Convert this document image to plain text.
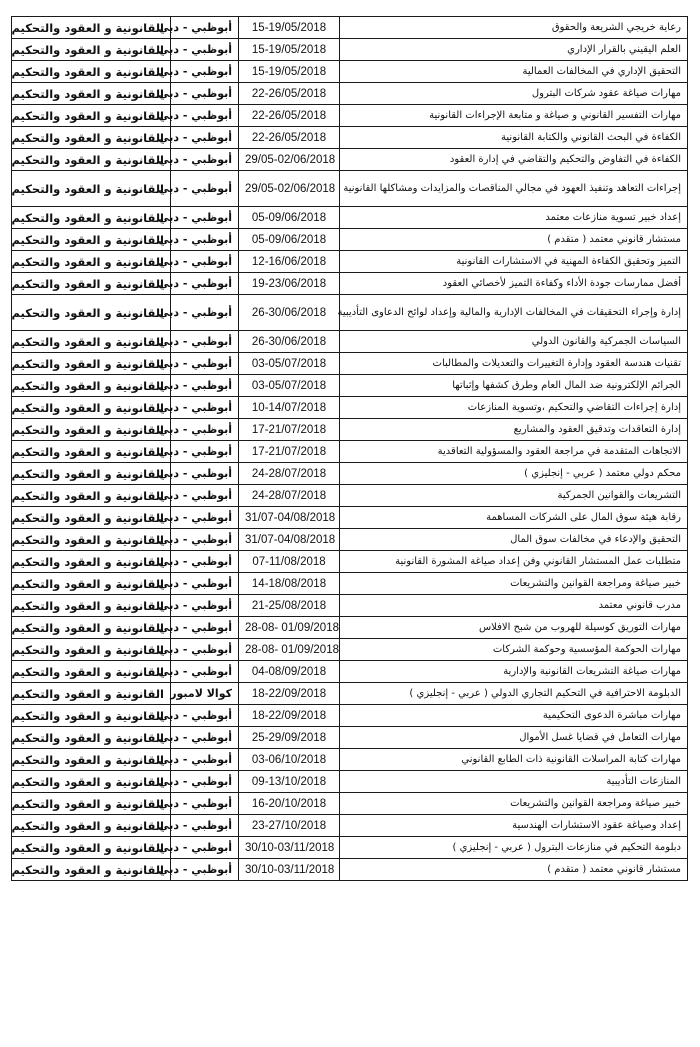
رعاية خريجي الشريعة والحقوق	15-19/05/2018	أبوظبي - دبي	القانونية و العقود والتحكيم
العلم اليقيني بالقرار الإداري	15-19/05/2018	أبوظبي - دبي	القانونية و العقود والتحكيم
التحقيق الإداري في المخالفات العمالية	15-19/05/2018	أبوظبي - دبي	القانونية و العقود والتحكيم
مهارات صياغة عقود شركات البترول	22-26/05/2018	أبوظبي - دبي	القانونية و العقود والتحكيم
مهارات التفسير القانوني و صياغة و متابعة الإجراءات القانونية	22-26/05/2018	أبوظبي - دبي	القانونية و العقود والتحكيم
الكفاءة في البحث القانوني والكتابة القانونية	22-26/05/2018	أبوظبي - دبي	القانونية و العقود والتحكيم
الكفاءة في التفاوض والتحكيم والتقاضي في إدارة العقود	29/05-02/06/2018	أبوظبي - دبي	القانونية و العقود والتحكيم
إجراءات التعاهد وتنفيذ العهود في مجالي المناقصات والمزايدات ومشاكلها القانونية	29/05-02/06/2018	أبوظبي - دبي	القانونية و العقود والتحكيم
إعداد خبير تسوية منازعات معتمد	05-09/06/2018	أبوظبي - دبي	القانونية و العقود والتحكيم
مستشار قانوني معتمد ( متقدم )	05-09/06/2018	أبوظبي - دبي	القانونية و العقود والتحكيم
التميز وتحقيق الكفاءة المهنية في الاستشارات القانونية	12-16/06/2018	أبوظبي - دبي	القانونية و العقود والتحكيم
أفضل ممارسات جودة الأداء وكفاءة التميز لأخصائي العقود	19-23/06/2018	أبوظبي - دبي	القانونية و العقود والتحكيم
إدارة وإجراء التحقيقات في المخالفات الإدارية والمالية وإعداد لوائح الدعاوى التأديبية	26-30/06/2018	أبوظبي - دبي	القانونية و العقود والتحكيم
السياسات الجمركية والقانون الدولي	26-30/06/2018	أبوظبي - دبي	القانونية و العقود والتحكيم
تقنيات هندسة العقود وإدارة التغييرات والتعديلات والمطالبات	03-05/07/2018	أبوظبي - دبي	القانونية و العقود والتحكيم
الجرائم الإلكترونية ضد المال العام وطرق كشفها وإثباتها	03-05/07/2018	أبوظبي - دبي	القانونية و العقود والتحكيم
إدارة إجراءات التقاضي والتحكيم ،وتسوية المنازعات	10-14/07/2018	أبوظبي - دبي	القانونية و العقود والتحكيم
إدارة التعاقدات وتدقيق العقود والمشاريع	17-21/07/2018	أبوظبي - دبي	القانونية و العقود والتحكيم
الاتجاهات المتقدمة في مراجعة العقود والمسؤولية التعاقدية	17-21/07/2018	أبوظبي - دبي	القانونية و العقود والتحكيم
محكم دولي معتمد ( عربي - إنجليزي )	24-28/07/2018	أبوظبي - دبي	القانونية و العقود والتحكيم
التشريعات والقوانين الجمركية	24-28/07/2018	أبوظبي - دبي	القانونية و العقود والتحكيم
رقابة هيئة سوق المال على الشركات المساهمة	31/07-04/08/2018	أبوظبي - دبي	القانونية و العقود والتحكيم
التحقيق والإدعاء في مخالفات سوق المال	31/07-04/08/2018	أبوظبي - دبي	القانونية و العقود والتحكيم
متطلبات عمل المستشار القانوني وفن إعداد صياغة المشورة القانونية	07-11/08/2018	أبوظبي - دبي	القانونية و العقود والتحكيم
خبير صياغة ومراجعة القوانين والتشريعات	14-18/08/2018	أبوظبي - دبي	القانونية و العقود والتحكيم
مدرب قانوني معتمد	21-25/08/2018	أبوظبي - دبي	القانونية و العقود والتحكيم
مهارات التوريق كوسيلة للهروب من شبح الافلاس	28-08- 01/09/2018	أبوظبي - دبي	القانونية و العقود والتحكيم
مهارات الحوكمة المؤسسية وحوكمة الشركات	28-08- 01/09/2018	أبوظبي - دبي	القانونية و العقود والتحكيم
مهارات صياغة التشريعات القانونية والإدارية	04-08/09/2018	أبوظبي - دبي	القانونية و العقود والتحكيم
الدبلومة الاحترافية في التحكيم التجاري الدولي ( عربي - إنجليزي )	18-22/09/2018	كوالا لامبور	القانونية و العقود والتحكيم
مهارات مباشرة الدعوى التحكيمية	18-22/09/2018	أبوظبي - دبي	القانونية و العقود والتحكيم
مهارات التعامل في قضايا غسل الأموال	25-29/09/2018	أبوظبي - دبي	القانونية و العقود والتحكيم
مهارات كتابة المراسلات القانونية ذات الطابع القانوني	03-06/10/2018	أبوظبي - دبي	القانونية و العقود والتحكيم
المنازعات التأديبية	09-13/10/2018	أبوظبي - دبي	القانونية و العقود والتحكيم
خبير صياغة ومراجعة القوانين والتشريعات	16-20/10/2018	أبوظبي - دبي	القانونية و العقود والتحكيم
إعداد وصياغة عقود الاستشارات الهندسية	23-27/10/2018	أبوظبي - دبي	القانونية و العقود والتحكيم
دبلومة التحكيم في منازعات البترول ( عربي - إنجليزي )	30/10-03/11/2018	أبوظبي - دبي	القانونية و العقود والتحكيم
مستشار قانوني معتمد ( متقدم )	30/10-03/11/2018	أبوظبي - دبي	القانونية و العقود والتحكيم
